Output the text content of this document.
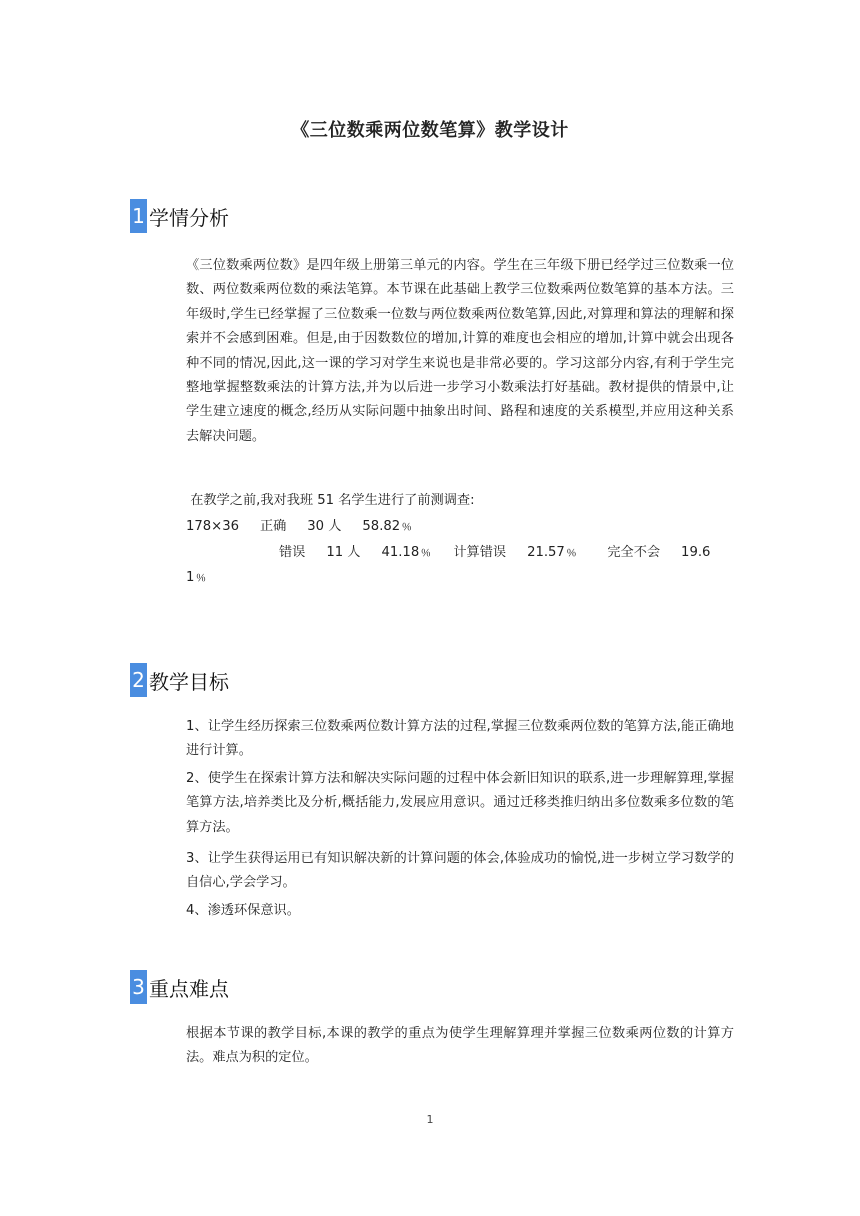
《三位数乘两位数笔算》教学设计
1 学情分析

《三位数乘两位数》是四年级上册第三单元的内容。学生在三年级下册已经学过三位数乘一位数、两位数乘两位数的乘法笔算。本节课在此基础上教学三位数乘两位数笔算的基本方法。三年级时,学生已经掌握了三位数乘一位数与两位数乘两位数笔算,因此,对算理和算法的理解和探索并不会感到困难。但是,由于因数数位的增加,计算的难度也会相应的增加,计算中就会出现各种不同的情况,因此,这一课的学习对学生来说也是非常必要的。学习这部分内容,有利于学生完整地掌握整数乘法的计算方法,并为以后进一步学习小数乘法打好基础。教材提供的情景中,让学生建立速度的概念,经历从实际问题中抽象出时间、路程和速度的关系模型,并应用这种关系去解决问题。

在教学之前,我对我班 51 名学生进行了前测调查:
178×36     正确     30 人     58.82﹪
错误     11 人     41.18﹪     计算错误     21.57﹪       完全不会     19.6
1﹪
2 教学目标

1、让学生经历探索三位数乘两位数计算方法的过程,掌握三位数乘两位数的笔算方法,能正确地进行计算。

2、使学生在探索计算方法和解决实际问题的过程中体会新旧知识的联系,进一步理解算理,掌握笔算方法,培养类比及分析,概括能力,发展应用意识。通过迁移类推归纳出多位数乘多位数的笔算方法。

3、让学生获得运用已有知识解决新的计算问题的体会,体验成功的愉悦,进一步树立学习数学的自信心,学会学习。

4、渗透环保意识。

3 重点难点

根据本节课的教学目标,本课的教学的重点为使学生理解算理并掌握三位数乘两位数的计算方法。难点为积的定位。

1
